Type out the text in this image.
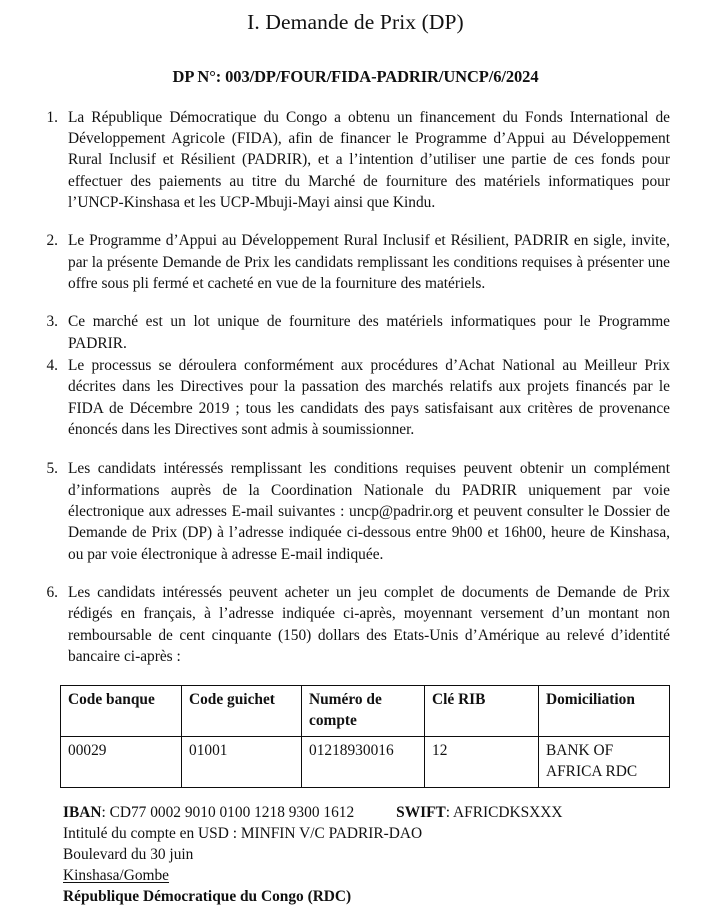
I. Demande de Prix (DP)
DP N°: 003/DP/FOUR/FIDA-PADRIR/UNCP/6/2024
1. La République Démocratique du Congo a obtenu un financement du Fonds International de Développement Agricole (FIDA), afin de financer le Programme d’Appui au Développement Rural Inclusif et Résilient (PADRIR), et a l’intention d’utiliser une partie de ces fonds pour effectuer des paiements au titre du Marché de fourniture des matériels informatiques pour l’UNCP-Kinshasa et les UCP-Mbuji-Mayi ainsi que Kindu.
2. Le Programme d’Appui au Développement Rural Inclusif et Résilient, PADRIR en sigle, invite, par la présente Demande de Prix les candidats remplissant les conditions requises à présenter une offre sous pli fermé et cacheté en vue de la fourniture des matériels.
3. Ce marché est un lot unique de fourniture des matériels informatiques pour le Programme PADRIR.
4. Le processus se déroulera conformément aux procédures d’Achat National au Meilleur Prix décrites dans les Directives pour la passation des marchés relatifs aux projets financés par le FIDA de Décembre 2019 ; tous les candidats des pays satisfaisant aux critères de provenance énoncés dans les Directives sont admis à soumissionner.
5. Les candidats intéressés remplissant les conditions requises peuvent obtenir un complément d’informations auprès de la Coordination Nationale du PADRIR uniquement par voie électronique aux adresses E-mail suivantes : uncp@padrir.org et peuvent consulter le Dossier de Demande de Prix (DP) à l’adresse indiquée ci-dessous entre 9h00 et 16h00, heure de Kinshasa, ou par voie électronique à adresse E-mail indiquée.
6. Les candidats intéressés peuvent acheter un jeu complet de documents de Demande de Prix rédigés en français, à l’adresse indiquée ci-après, moyennant versement d’un montant non remboursable de cent cinquante (150) dollars des Etats-Unis d’Amérique au relevé d’identité bancaire ci-après :
Code banque	Code guichet	Numéro de compte	Clé RIB	Domiciliation
00029	01001	01218930016	12	BANK OF AFRICA RDC
IBAN: CD77 0002 9010 0100 1218 9300 1612	SWIFT: AFRICDKSXXX
Intitulé du compte en USD : MINFIN V/C PADRIR-DAO
Boulevard du 30 juin
Kinshasa/Gombe
République Démocratique du Congo (RDC)
